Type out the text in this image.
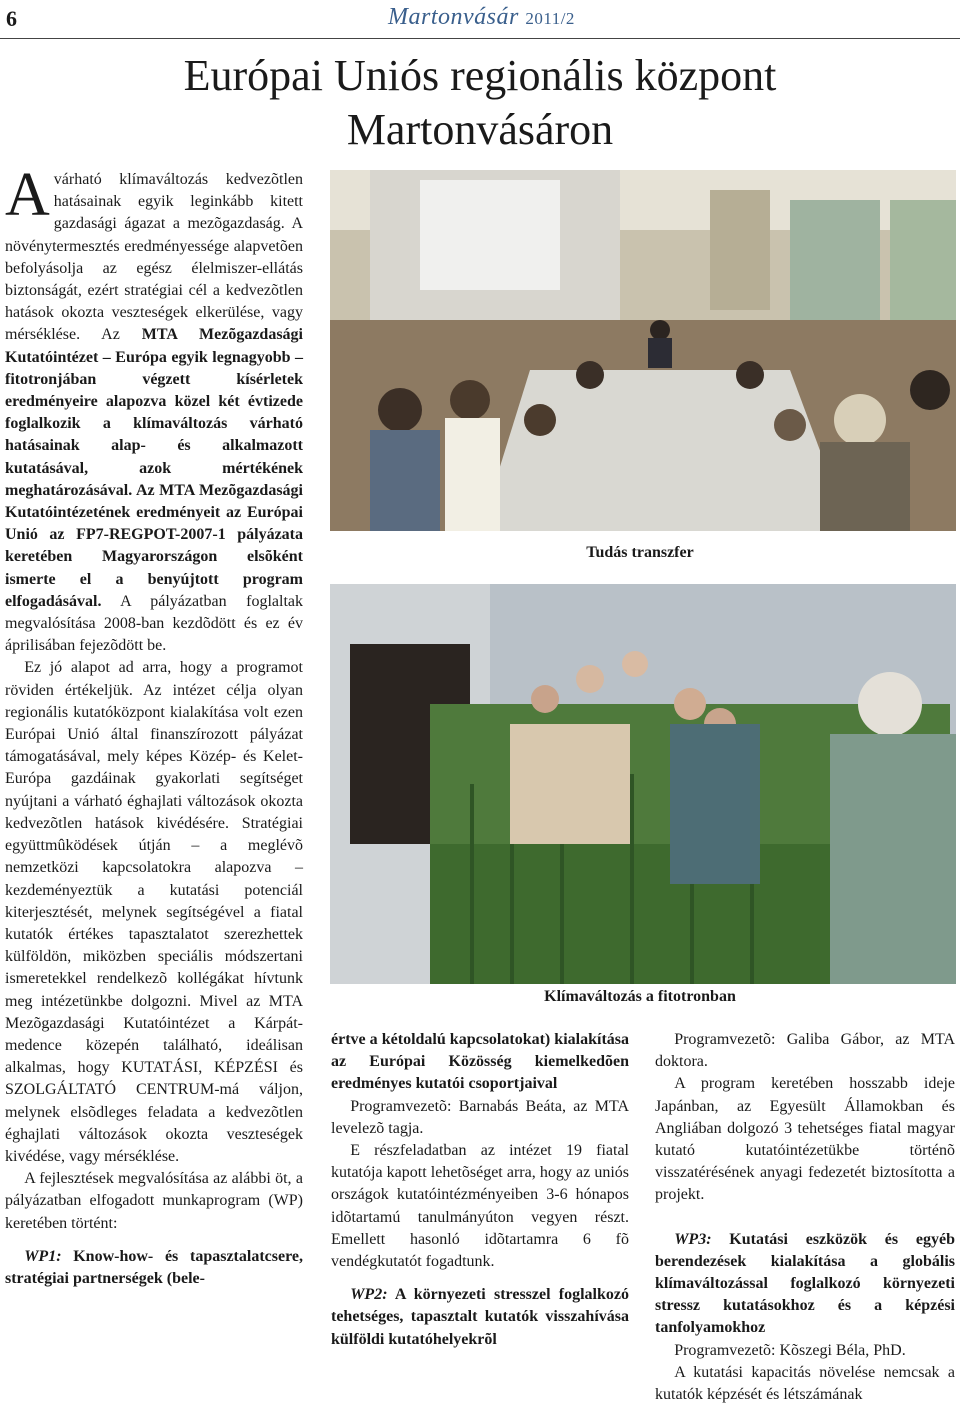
6	Martonvásár 2011/2
Európai Uniós regionális központ
Martonvásáron

A várható klímaváltozás kedvezõtlen hatásainak egyik leginkább kitett gazdasági ágazat a mezõgazdaság. A növénytermesztés eredményessége alapvetõen befolyásolja az egész élelmiszer-ellátás biztonságát, ezért stratégiai cél a kedvezõtlen hatások okozta veszteségek elkerülése, vagy mérséklése. Az MTA Mezõgazdasági Kutatóintézet – Európa egyik legnagyobb – fitotronjában végzett kísérletek eredményeire alapozva közel két évtizede foglalkozik a klímaváltozás várható hatásainak alap- és alkalmazott kutatásával, azok mértékének meghatározásával. Az MTA Mezõgazdasági Kutatóintézetének eredményeit az Európai Unió az FP7-REGPOT-2007-1 pályázata keretében Magyarországon elsõként ismerte el a benyújtott program elfogadásával. A pályázatban foglaltak megvalósítása 2008-ban kezdõdött és ez év áprilisában fejezõdött be.

Ez jó alapot ad arra, hogy a programot röviden értékeljük. Az intézet célja olyan regionális kutatóközpont kialakítása volt ezen Európai Unió által finanszírozott pályázat támogatásával, mely képes Közép- és Kelet-Európa gazdáinak gyakorlati segítséget nyújtani a várható éghajlati változások okozta kedvezõtlen hatások kivédésére. Stratégiai együttmûködések útján – a meglévõ nemzetközi kapcsolatokra alapozva – kezdeményeztük a kutatási potenciál kiterjesztését, melynek segítségével a fiatal kutatók értékes tapasztalatot szerezhettek külföldön, miközben speciális módszertani ismeretekkel rendelkezõ kollégákat hívtunk meg intézetünkbe dolgozni. Mivel az MTA Mezõgazdasági Kutatóintézet a Kárpát-medence közepén található, ideálisan alkalmas, hogy KUTATÁSI, KÉPZÉSI és SZOLGÁLTATÓ CENTRUM-má váljon, melynek elsõdleges feladata a kedvezõtlen éghajlati változások okozta veszteségek kivédése, vagy mérséklése.

A fejlesztések megvalósítása az alábbi öt, a pályázatban elfogadott munkaprogram (WP) keretében történt:

WP1: Know-how- és tapasztalatcsere, stratégiai partnerségek (bele-

Tudás transzfer
Klímaváltozás a fitotronban

értve a kétoldalú kapcsolatokat) kialakítása az Európai Közösség kiemelkedõen eredményes kutatói csoportjaival

Programvezetõ: Barnabás Beáta, az MTA levelezõ tagja.

E részfeladatban az intézet 19 fiatal kutatója kapott lehetõséget arra, hogy az uniós országok kutatóintézményeiben 3-6 hónapos idõtartamú tanulmányúton vegyen részt. Emellett hasonló idõtartamra 6 fõ vendégkutatót fogadtunk.

WP2: A környezeti stresszel foglalkozó tehetséges, tapasztalt kutatók visszahívása külföldi kutatóhelyekrõl

Programvezetõ: Galiba Gábor, az MTA doktora.

A program keretében hosszabb ideje Japánban, az Egyesült Államokban és Angliában dolgozó 3 tehetséges fiatal magyar kutató kutatóintézetükbe történõ visszatérésének anyagi fedezetét biztosította a projekt.

WP3: Kutatási eszközök és egyéb berendezések kialakítása a globális klímaváltozással foglalkozó környezeti stressz kutatásokhoz és a képzési tanfolyamokhoz

Programvezetõ: Kõszegi Béla, PhD.

A kutatási kapacitás növelése nemcsak a kutatók képzését és létszámának
